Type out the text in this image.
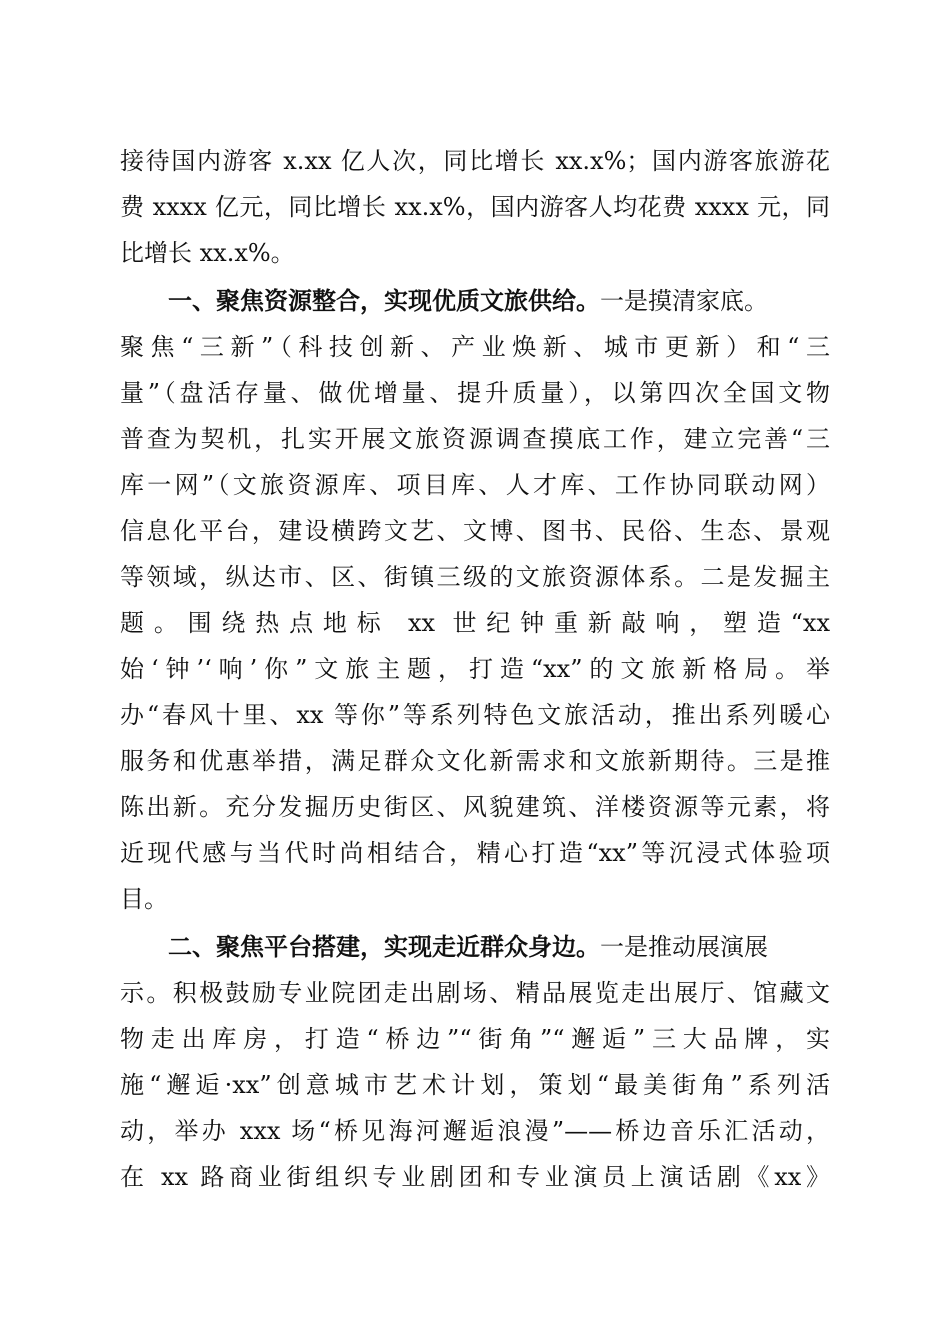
接待国内游客 x.xx 亿人次，同比增长 xx.x%；国内游客旅游花
费 xxxx 亿元，同比增长 xx.x%，国内游客人均花费 xxxx 元，同
比增长 xx.x%。
一、聚焦资源整合，实现优质文旅供给。一是摸清家底。
聚焦“三新”（科技创新、产业焕新、城市更新）和“三
量”（盘活存量、做优增量、提升质量），以第四次全国文物
普查为契机，扎实开展文旅资源调查摸底工作，建立完善“三
库一网”（文旅资源库、项目库、人才库、工作协同联动网）
信息化平台，建设横跨文艺、文博、图书、民俗、生态、景观
等领域，纵达市、区、街镇三级的文旅资源体系。二是发掘主
题。围绕热点地标 xx 世纪钟重新敲响，塑造“xx
始‘钟’‘响’你”文旅主题，打造“xx”的文旅新格局。举
办“春风十里、xx 等你”等系列特色文旅活动，推出系列暖心
服务和优惠举措，满足群众文化新需求和文旅新期待。三是推
陈出新。充分发掘历史街区、风貌建筑、洋楼资源等元素，将
近现代感与当代时尚相结合，精心打造“xx”等沉浸式体验项
目。
二、聚焦平台搭建，实现走近群众身边。一是推动展演展
示。积极鼓励专业院团走出剧场、精品展览走出展厅、馆藏文
物走出库房，打造“桥边”“街角”“邂逅”三大品牌，实
施“邂逅·xx”创意城市艺术计划，策划“最美街角”系列活
动，举办 xxx 场“桥见海河邂逅浪漫”——桥边音乐汇活动，
在 xx 路商业街组织专业剧团和专业演员上演话剧《xx》
